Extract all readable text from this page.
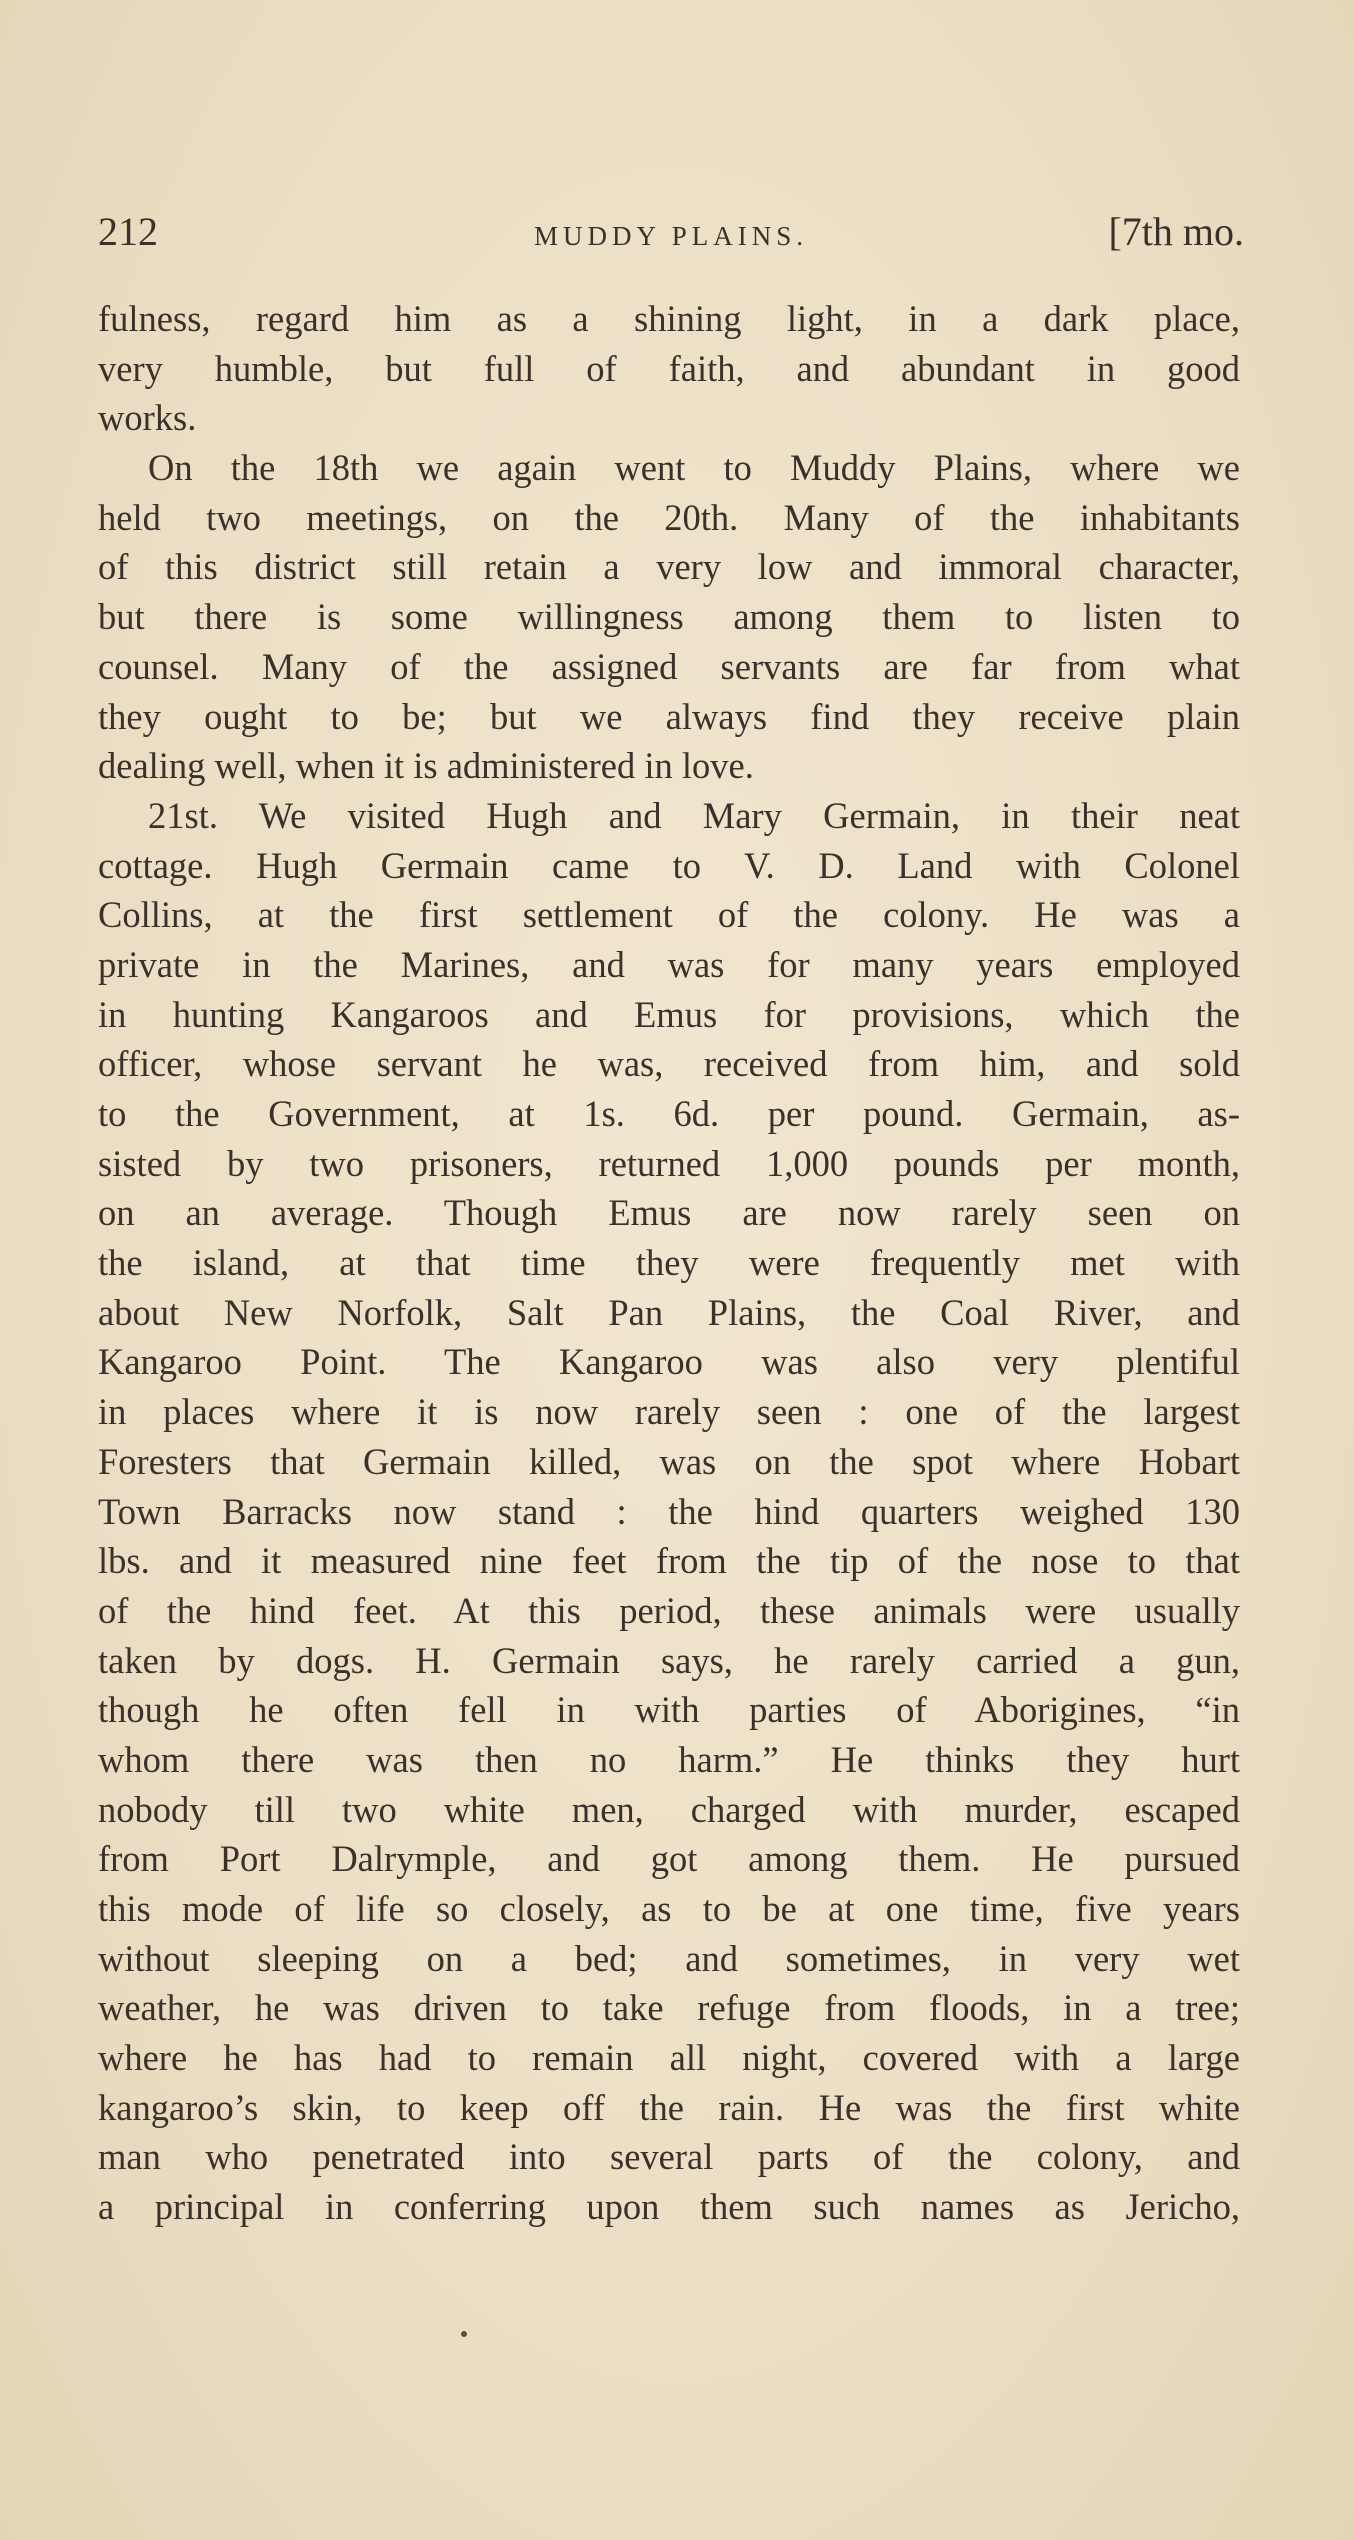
212	MUDDY PLAINS.	[7th mo.
fulness, regard him as a shining light, in a dark place,
very humble, but full of faith, and abundant in good
works.
On the 18th we again went to Muddy Plains, where we
held two meetings, on the 20th. Many of the inhabitants
of this district still retain a very low and immoral character,
but there is some willingness among them to listen to
counsel. Many of the assigned servants are far from what
they ought to be; but we always find they receive plain
dealing well, when it is administered in love.
21st. We visited Hugh and Mary Germain, in their neat
cottage. Hugh Germain came to V. D. Land with Colonel
Collins, at the first settlement of the colony. He was a
private in the Marines, and was for many years employed
in hunting Kangaroos and Emus for provisions, which the
officer, whose servant he was, received from him, and sold
to the Government, at 1s. 6d. per pound. Germain, as-
sisted by two prisoners, returned 1,000 pounds per month,
on an average. Though Emus are now rarely seen on
the island, at that time they were frequently met with
about New Norfolk, Salt Pan Plains, the Coal River, and
Kangaroo Point. The Kangaroo was also very plentiful
in places where it is now rarely seen : one of the largest
Foresters that Germain killed, was on the spot where Hobart
Town Barracks now stand : the hind quarters weighed 130
lbs. and it measured nine feet from the tip of the nose to that
of the hind feet. At this period, these animals were usually
taken by dogs. H. Germain says, he rarely carried a gun,
though he often fell in with parties of Aborigines, “in
whom there was then no harm.” He thinks they hurt
nobody till two white men, charged with murder, escaped
from Port Dalrymple, and got among them. He pursued
this mode of life so closely, as to be at one time, five years
without sleeping on a bed; and sometimes, in very wet
weather, he was driven to take refuge from floods, in a tree;
where he has had to remain all night, covered with a large
kangaroo’s skin, to keep off the rain. He was the first white
man who penetrated into several parts of the colony, and
a principal in conferring upon them such names as Jericho,
